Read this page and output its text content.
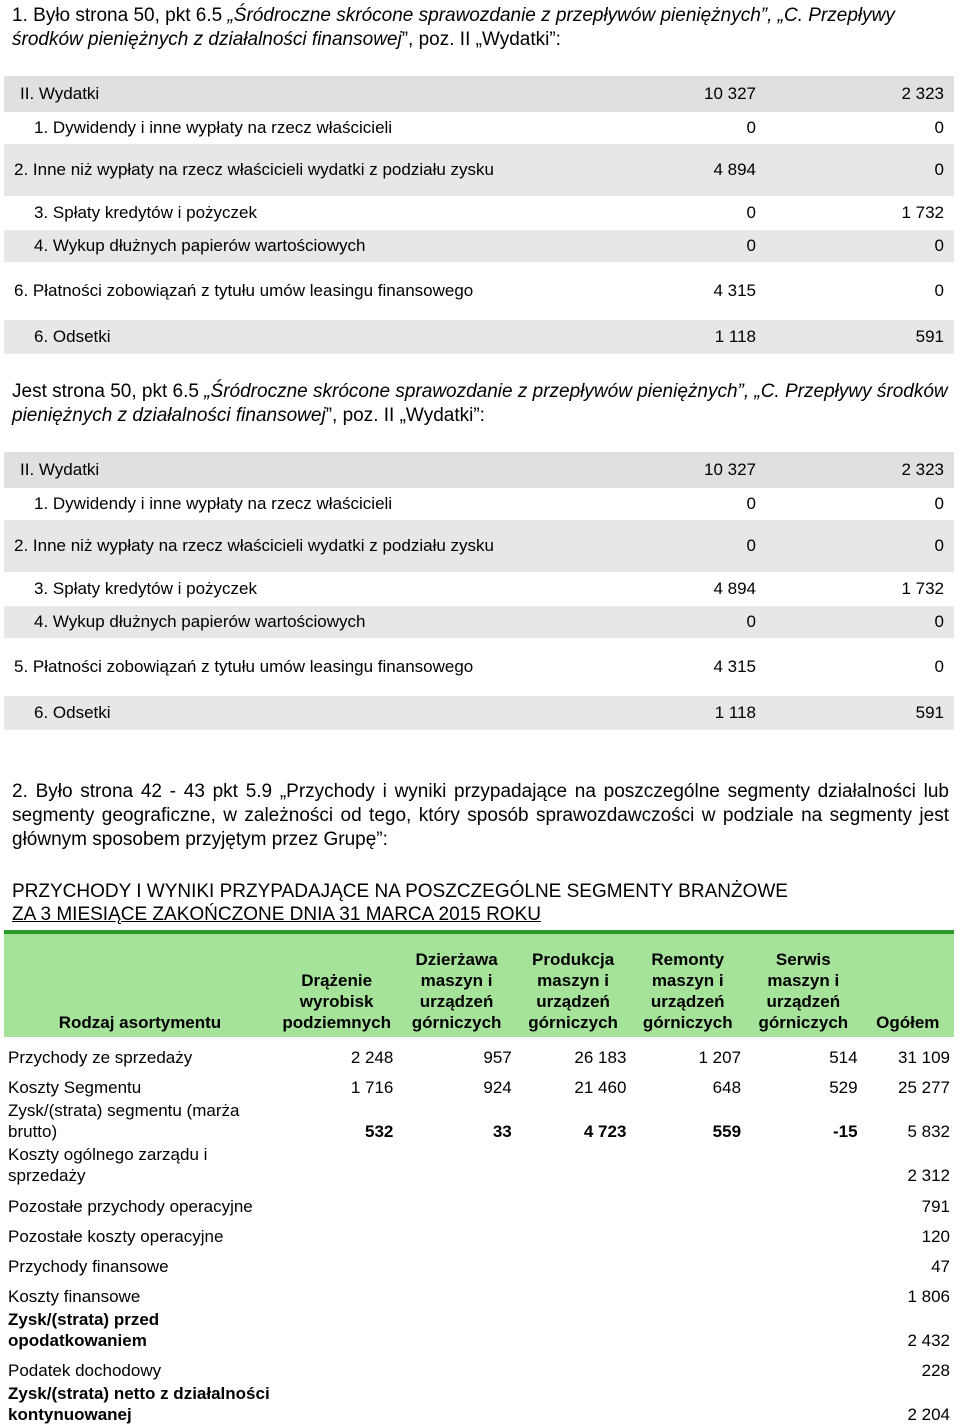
1. Było strona 50, pkt 6.5 „Śródroczne skrócone sprawozdanie z przepływów pieniężnych”, „C. Przepływy środków pieniężnych z działalności finansowej”, poz. II „Wydatki”:
II. Wydatki	10 327	2 323
1. Dywidendy i inne wypłaty na rzecz właścicieli	0	0
2. Inne niż wypłaty na rzecz właścicieli wydatki z podziału zysku	4 894	0
3. Spłaty kredytów i pożyczek	0	1 732
4. Wykup dłużnych papierów wartościowych	0	0
6. Płatności zobowiązań z tytułu umów leasingu finansowego	4 315	0
6. Odsetki	1 118	591
Jest strona 50, pkt 6.5 „Śródroczne skrócone sprawozdanie z przepływów pieniężnych”, „C. Przepływy środków pieniężnych z działalności finansowej”, poz. II „Wydatki”:
II. Wydatki	10 327	2 323
1. Dywidendy i inne wypłaty na rzecz właścicieli	0	0
2. Inne niż wypłaty na rzecz właścicieli wydatki z podziału zysku	0	0
3. Spłaty kredytów i pożyczek	4 894	1 732
4. Wykup dłużnych papierów wartościowych	0	0
5. Płatności zobowiązań z tytułu umów leasingu finansowego	4 315	0
6. Odsetki	1 118	591
2. Było strona 42 - 43 pkt 5.9 „Przychody i wyniki przypadające na poszczególne segmenty działalności lub segmenty geograficzne, w zależności od tego, który sposób sprawozdawczości w podziale na segmenty jest głównym sposobem przyjętym przez Grupę”:
PRZYCHODY I WYNIKI PRZYPADAJĄCE NA POSZCZEGÓLNE SEGMENTY BRANŻOWE
ZA 3 MIESIĄCE ZAKOŃCZONE DNIA 31 MARCA 2015 ROKU
Rodzaj asortymentu	Drążenie wyrobisk podziemnych	Dzierżawa maszyn i urządzeń górniczych	Produkcja maszyn i urządzeń górniczych	Remonty maszyn i urządzeń górniczych	Serwis maszyn i urządzeń górniczych	Ogółem
Przychody ze sprzedaży	2 248	957	26 183	1 207	514	31 109
Koszty Segmentu	1 716	924	21 460	648	529	25 277
Zysk/(strata) segmentu (marża brutto)	532	33	4 723	559	-15	5 832
Koszty ogólnego zarządu i sprzedaży						2 312
Pozostałe przychody operacyjne						791
Pozostałe koszty operacyjne						120
Przychody finansowe						47
Koszty finansowe						1 806
Zysk/(strata) przed opodatkowaniem						2 432
Podatek dochodowy						228
Zysk/(strata) netto z działalności kontynuowanej						2 204
